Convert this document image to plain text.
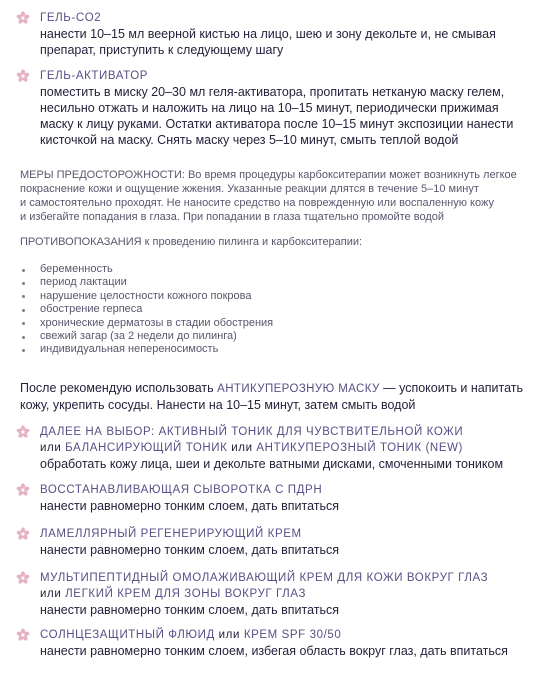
ГЕЛЬ-CO2
нанести 10–15 мл веерной кистью на лицо, шею и зону декольте и, не смывая
препарат, приступить к следующему шагу
ГЕЛЬ-АКТИВАТОР
поместить в миску 20–30 мл геля-активатора, пропитать нетканую маску гелем,
несильно отжать и наложить на лицо на 10–15 минут, периодически прижимая
маску к лицу руками. Остатки активатора после 10–15 минут экспозиции нанести
кисточкой на маску. Снять маску через 5–10 минут, смыть теплой водой
МЕРЫ ПРЕДОСТОРОЖНОСТИ: Во время процедуры карбокситерапии может возникнуть легкое
покраснение кожи и ощущение жжения. Указанные реакции длятся в течение 5–10 минут
и самостоятельно проходят. Не наносите средство на поврежденную или воспаленную кожу
и избегайте попадания в глаза. При попадании в глаза тщательно промойте водой
ПРОТИВОПОКАЗАНИЯ к проведению пилинга и карбокситерапии:
беременность
период лактации
нарушение целостности кожного покрова
обострение герпеса
хронические дерматозы в стадии обострения
свежий загар (за 2 недели до пилинга)
индивидуальная непереносимость
После рекомендую использовать АНТИКУПЕРОЗНУЮ МАСКУ — успокоить и напитать
кожу, укрепить сосуды. Нанести на 10–15 минут, затем смыть водой
ДАЛЕЕ НА ВЫБОР: АКТИВНЫЙ ТОНИК ДЛЯ ЧУВСТВИТЕЛЬНОЙ КОЖИ
или БАЛАНСИРУЮЩИЙ ТОНИК или АНТИКУПЕРОЗНЫЙ ТОНИК (NEW)
обработать кожу лица, шеи и декольте ватными дисками, смоченными тоником
ВОССТАНАВЛИВАЮЩАЯ СЫВОРОТКА С ПДРН
нанести равномерно тонким слоем, дать впитаться
ЛАМЕЛЛЯРНЫЙ РЕГЕНЕРИРУЮЩИЙ КРЕМ
нанести равномерно тонким слоем, дать впитаться
МУЛЬТИПЕПТИДНЫЙ ОМОЛАЖИВАЮЩИЙ КРЕМ ДЛЯ КОЖИ ВОКРУГ ГЛАЗ
или ЛЕГКИЙ КРЕМ ДЛЯ ЗОНЫ ВОКРУГ ГЛАЗ
нанести равномерно тонким слоем, дать впитаться
СОЛНЦЕЗАЩИТНЫЙ ФЛЮИД или КРЕМ SPF 30/50
нанести равномерно тонким слоем, избегая область вокруг глаз, дать впитаться
